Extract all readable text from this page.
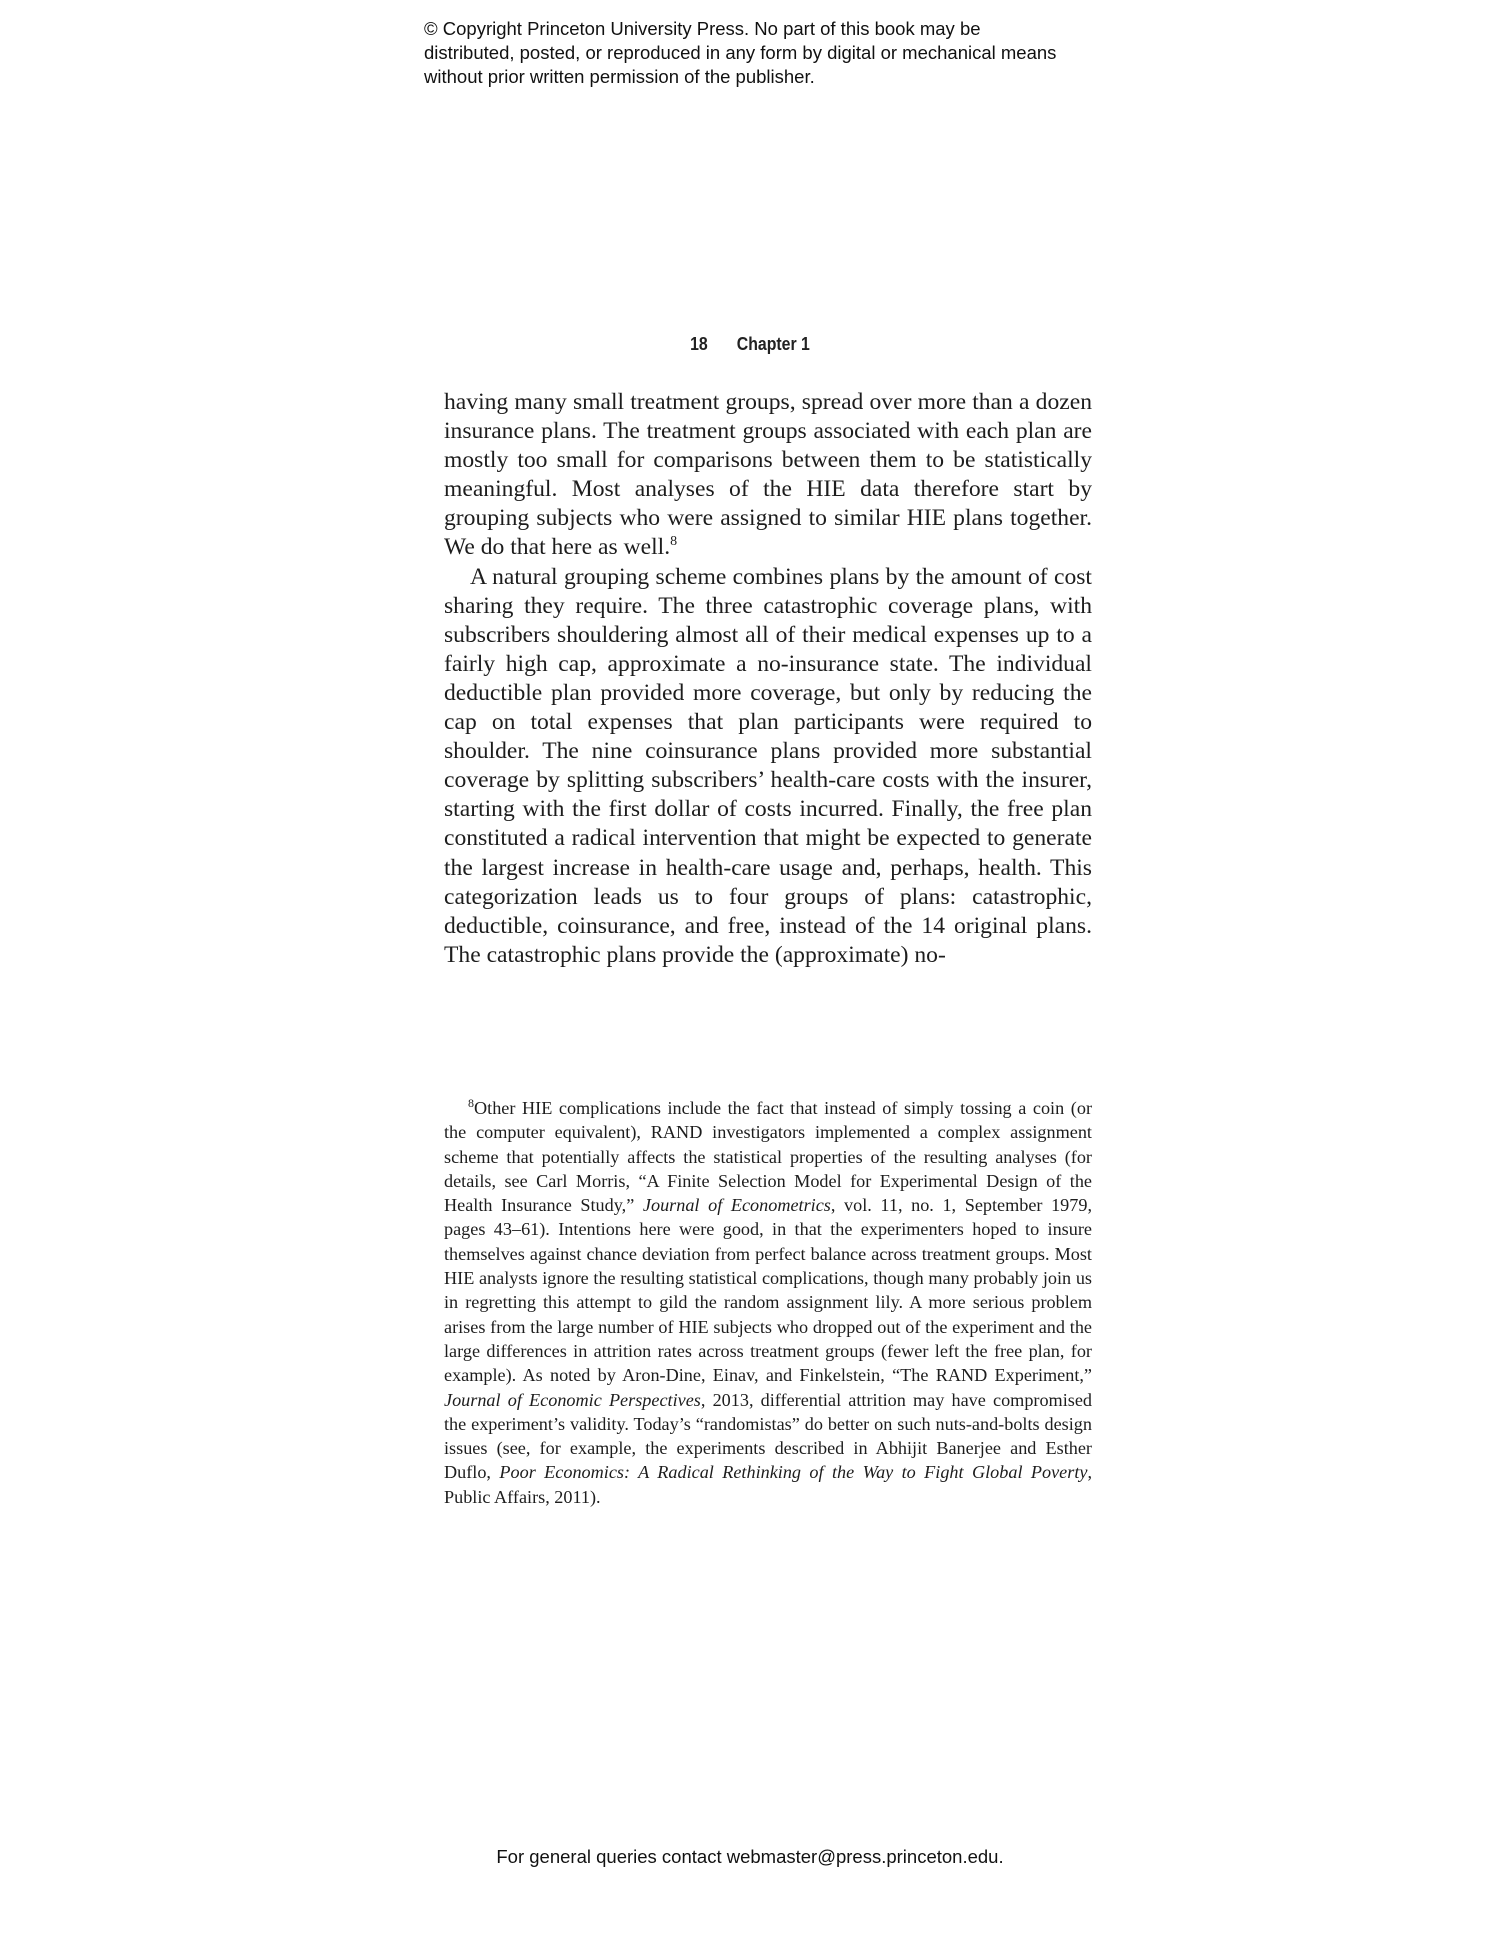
© Copyright Princeton University Press. No part of this book may be distributed, posted, or reproduced in any form by digital or mechanical means without prior written permission of the publisher.
18 Chapter 1

having many small treatment groups, spread over more than a dozen insurance plans. The treatment groups associated with each plan are mostly too small for comparisons between them to be statistically meaningful. Most analyses of the HIE data therefore start by grouping subjects who were assigned to similar HIE plans together. We do that here as well.$^8$

A natural grouping scheme combines plans by the amount of cost sharing they require. The three catastrophic coverage plans, with subscribers shouldering almost all of their medical expenses up to a fairly high cap, approximate a no-insurance state. The individual deductible plan provided more coverage, but only by reducing the cap on total expenses that plan participants were required to shoulder. The nine coinsurance plans provided more substantial coverage by splitting subscribers’ health-care costs with the insurer, starting with the first dollar of costs incurred. Finally, the free plan constituted a radical intervention that might be expected to generate the largest increase in health-care usage and, perhaps, health. This categorization leads us to four groups of plans: catastrophic, deductible, coinsurance, and free, instead of the 14 original plans. The catastrophic plans provide the (approximate) no-

$^8$Other HIE complications include the fact that instead of simply tossing a coin (or the computer equivalent), RAND investigators implemented a complex assignment scheme that potentially affects the statistical properties of the resulting analyses (for details, see Carl Morris, “A Finite Selection Model for Experimental Design of the Health Insurance Study,” Journal of Econometrics, vol. 11, no. 1, September 1979, pages 43–61). Intentions here were good, in that the experimenters hoped to insure themselves against chance deviation from perfect balance across treatment groups. Most HIE analysts ignore the resulting statistical complications, though many probably join us in regretting this attempt to gild the random assignment lily. A more serious problem arises from the large number of HIE subjects who dropped out of the experiment and the large differences in attrition rates across treatment groups (fewer left the free plan, for example). As noted by Aron-Dine, Einav, and Finkelstein, “The RAND Experiment,” Journal of Economic Perspectives, 2013, differential attrition may have compromised the experiment’s validity. Today’s “randomistas” do better on such nuts-and-bolts design issues (see, for example, the experiments described in Abhijit Banerjee and Esther Duflo, Poor Economics: A Radical Rethinking of the Way to Fight Global Poverty, Public Affairs, 2011).

For general queries contact webmaster@press.princeton.edu.
